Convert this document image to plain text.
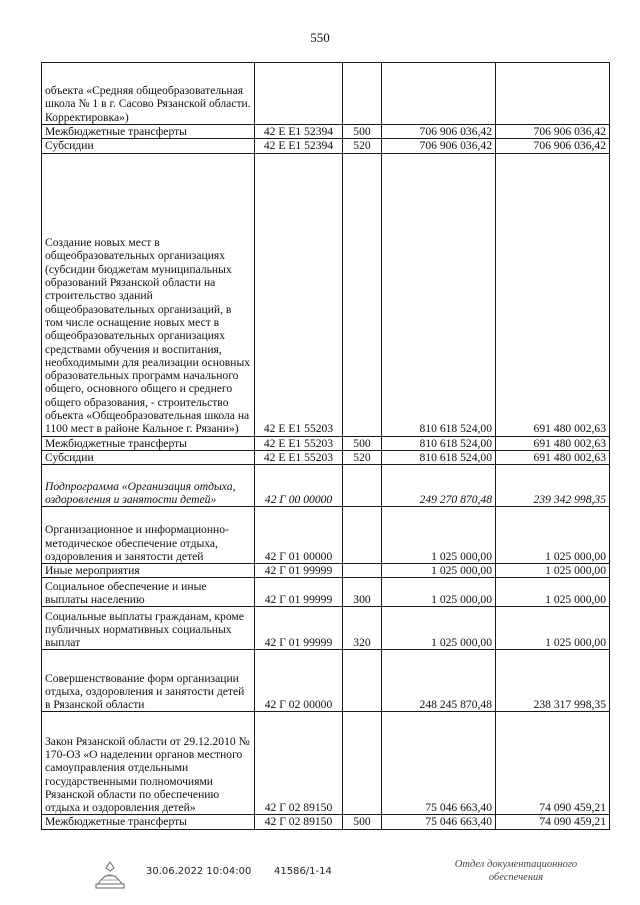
550
объекта «Средняя общеобразовательная школа № 1 в г. Сасово Рязанской области. Корректировка»)				
Межбюджетные трансферты	42 E E1 52394	500	706 906 036,42	706 906 036,42
Субсидии	42 E E1 52394	520	706 906 036,42	706 906 036,42
Создание новых мест в общеобразовательных организациях (субсидии бюджетам муниципальных образований Рязанской области на строительство зданий общеобразовательных организаций, в том числе оснащение новых мест в общеобразовательных организациях средствами обучения и воспитания, необходимыми для реализации основных образовательных программ начального общего, основного общего и среднего общего образования, - строительство объекта «Общеобразовательная школа на 1100 мест в районе Кальное г. Рязани»)	42 E E1 55203		810 618 524,00	691 480 002,63
Межбюджетные трансферты	42 E E1 55203	500	810 618 524,00	691 480 002,63
Субсидии	42 E E1 55203	520	810 618 524,00	691 480 002,63
Подпрограмма «Организация отдыха, оздоровления и занятости детей»	42 Г 00 00000		249 270 870,48	239 342 998,35
Организационное и информационно-методическое обеспечение отдыха, оздоровления и занятости детей	42 Г 01 00000		1 025 000,00	1 025 000,00
Иные мероприятия	42 Г 01 99999		1 025 000,00	1 025 000,00
Социальное обеспечение и иные выплаты населению	42 Г 01 99999	300	1 025 000,00	1 025 000,00
Социальные выплаты гражданам, кроме публичных нормативных социальных выплат	42 Г 01 99999	320	1 025 000,00	1 025 000,00
Совершенствование форм организации отдыха, оздоровления и занятости детей в Рязанской области	42 Г 02 00000		248 245 870,48	238 317 998,35
Закон Рязанской области от 29.12.2010 № 170-ОЗ «О наделении органов местного самоуправления отдельными государственными полномочиями Рязанской области по обеспечению отдыха и оздоровления детей»	42 Г 02 89150		75 046 663,40	74 090 459,21
Межбюджетные трансферты	42 Г 02 89150	500	75 046 663,40	74 090 459,21
30.06.2022 10:04:00 41586/1-14
Отдел документационного обеспечения
